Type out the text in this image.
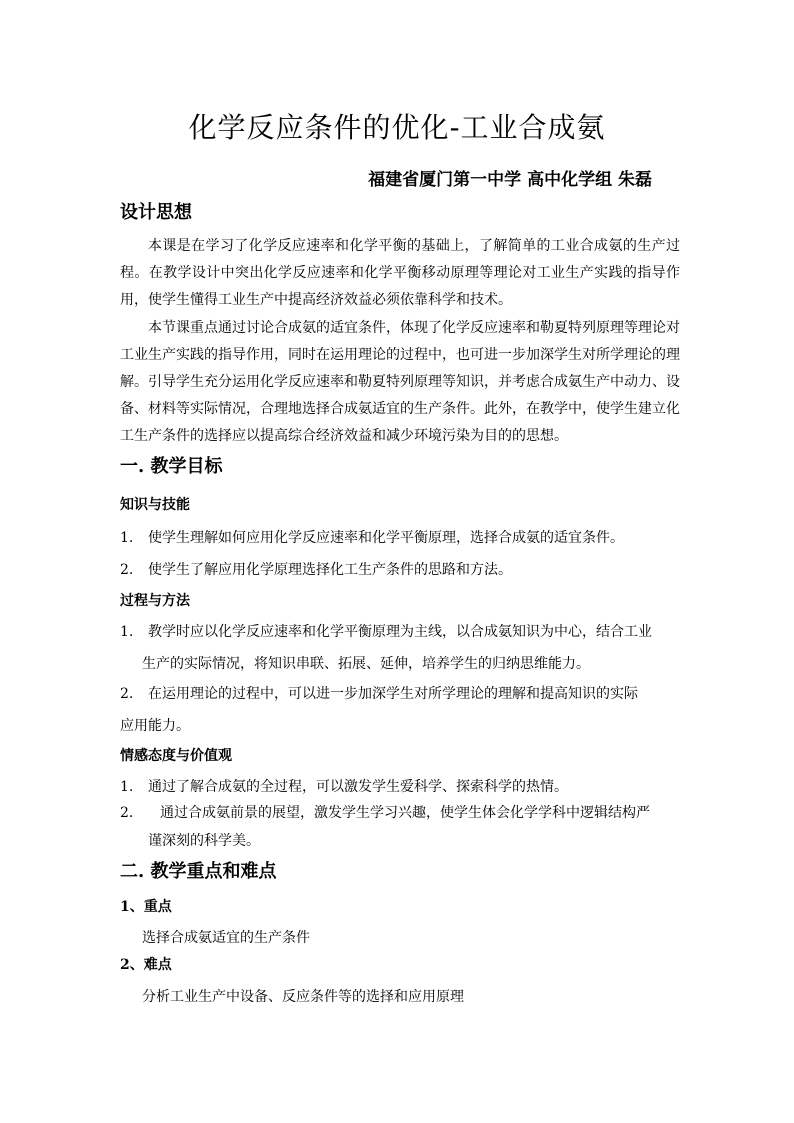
化学反应条件的优化-工业合成氨
福建省厦门第一中学 高中化学组 朱磊
设计思想
本课是在学习了化学反应速率和化学平衡的基础上，了解简单的工业合成氨的生产过程。在教学设计中突出化学反应速率和化学平衡移动原理等理论对工业生产实践的指导作用，使学生懂得工业生产中提高经济效益必须依靠科学和技术。
本节课重点通过讨论合成氨的适宜条件，体现了化学反应速率和勒夏特列原理等理论对工业生产实践的指导作用，同时在运用理论的过程中，也可进一步加深学生对所学理论的理解。引导学生充分运用化学反应速率和勒夏特列原理等知识，并考虑合成氨生产中动力、设备、材料等实际情况，合理地选择合成氨适宜的生产条件。此外，在教学中，使学生建立化工生产条件的选择应以提高综合经济效益和减少环境污染为目的的思想。
一. 教学目标
知识与技能
1. 使学生理解如何应用化学反应速率和化学平衡原理，选择合成氨的适宜条件。
2. 使学生了解应用化学原理选择化工生产条件的思路和方法。
过程与方法
1. 教学时应以化学反应速率和化学平衡原理为主线，以合成氨知识为中心，结合工业
生产的实际情况，将知识串联、拓展、延伸，培养学生的归纳思维能力。
2. 在运用理论的过程中，可以进一步加深学生对所学理论的理解和提高知识的实际
应用能力。
情感态度与价值观
1. 通过了解合成氨的全过程，可以激发学生爱科学、探索科学的热情。
2. 通过合成氨前景的展望，激发学生学习兴趣，使学生体会化学学科中逻辑结构严
谨深刻的科学美。
二. 教学重点和难点
1、重点
选择合成氨适宜的生产条件
2、难点
分析工业生产中设备、反应条件等的选择和应用原理
